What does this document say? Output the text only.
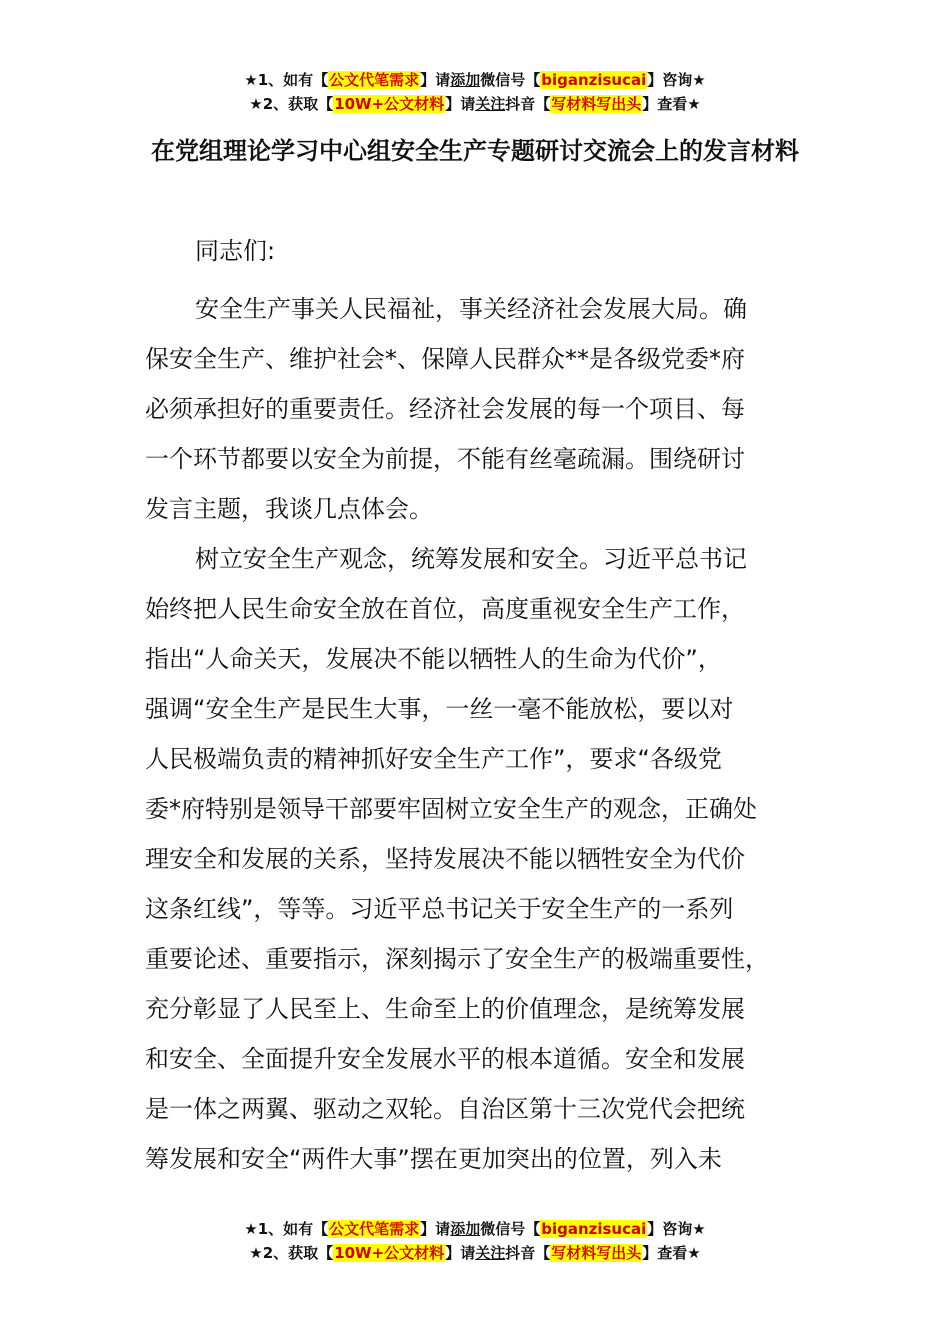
★1、如有【公文代笔需求】请添加微信号【biganzisucai】咨询★
★2、获取【10W+公文材料】请关注抖音【写材料写出头】查看★
在党组理论学习中心组安全生产专题研讨交流会上的发言材料

同志们:

安全生产事关人民福祉，事关经济社会发展大局。确
保安全生产、维护社会*、保障人民群众**是各级党委*府
必须承担好的重要责任。经济社会发展的每一个项目、每
一个环节都要以安全为前提，不能有丝毫疏漏。围绕研讨
发言主题，我谈几点体会。

树立安全生产观念，统筹发展和安全。习近平总书记
始终把人民生命安全放在首位，高度重视安全生产工作，
指出“人命关天，发展决不能以牺牲人的生命为代价”，
强调“安全生产是民生大事，一丝一毫不能放松，要以对
人民极端负责的精神抓好安全生产工作”，要求“各级党
委*府特别是领导干部要牢固树立安全生产的观念，正确处
理安全和发展的关系，坚持发展决不能以牺牲安全为代价
这条红线”，等等。习近平总书记关于安全生产的一系列
重要论述、重要指示，深刻揭示了安全生产的极端重要性，
充分彰显了人民至上、生命至上的价值理念，是统筹发展
和安全、全面提升安全发展水平的根本道循。安全和发展
是一体之两翼、驱动之双轮。自治区第十三次党代会把统
筹发展和安全“两件大事”摆在更加突出的位置，列入未

★1、如有【公文代笔需求】请添加微信号【biganzisucai】咨询★
★2、获取【10W+公文材料】请关注抖音【写材料写出头】查看★
